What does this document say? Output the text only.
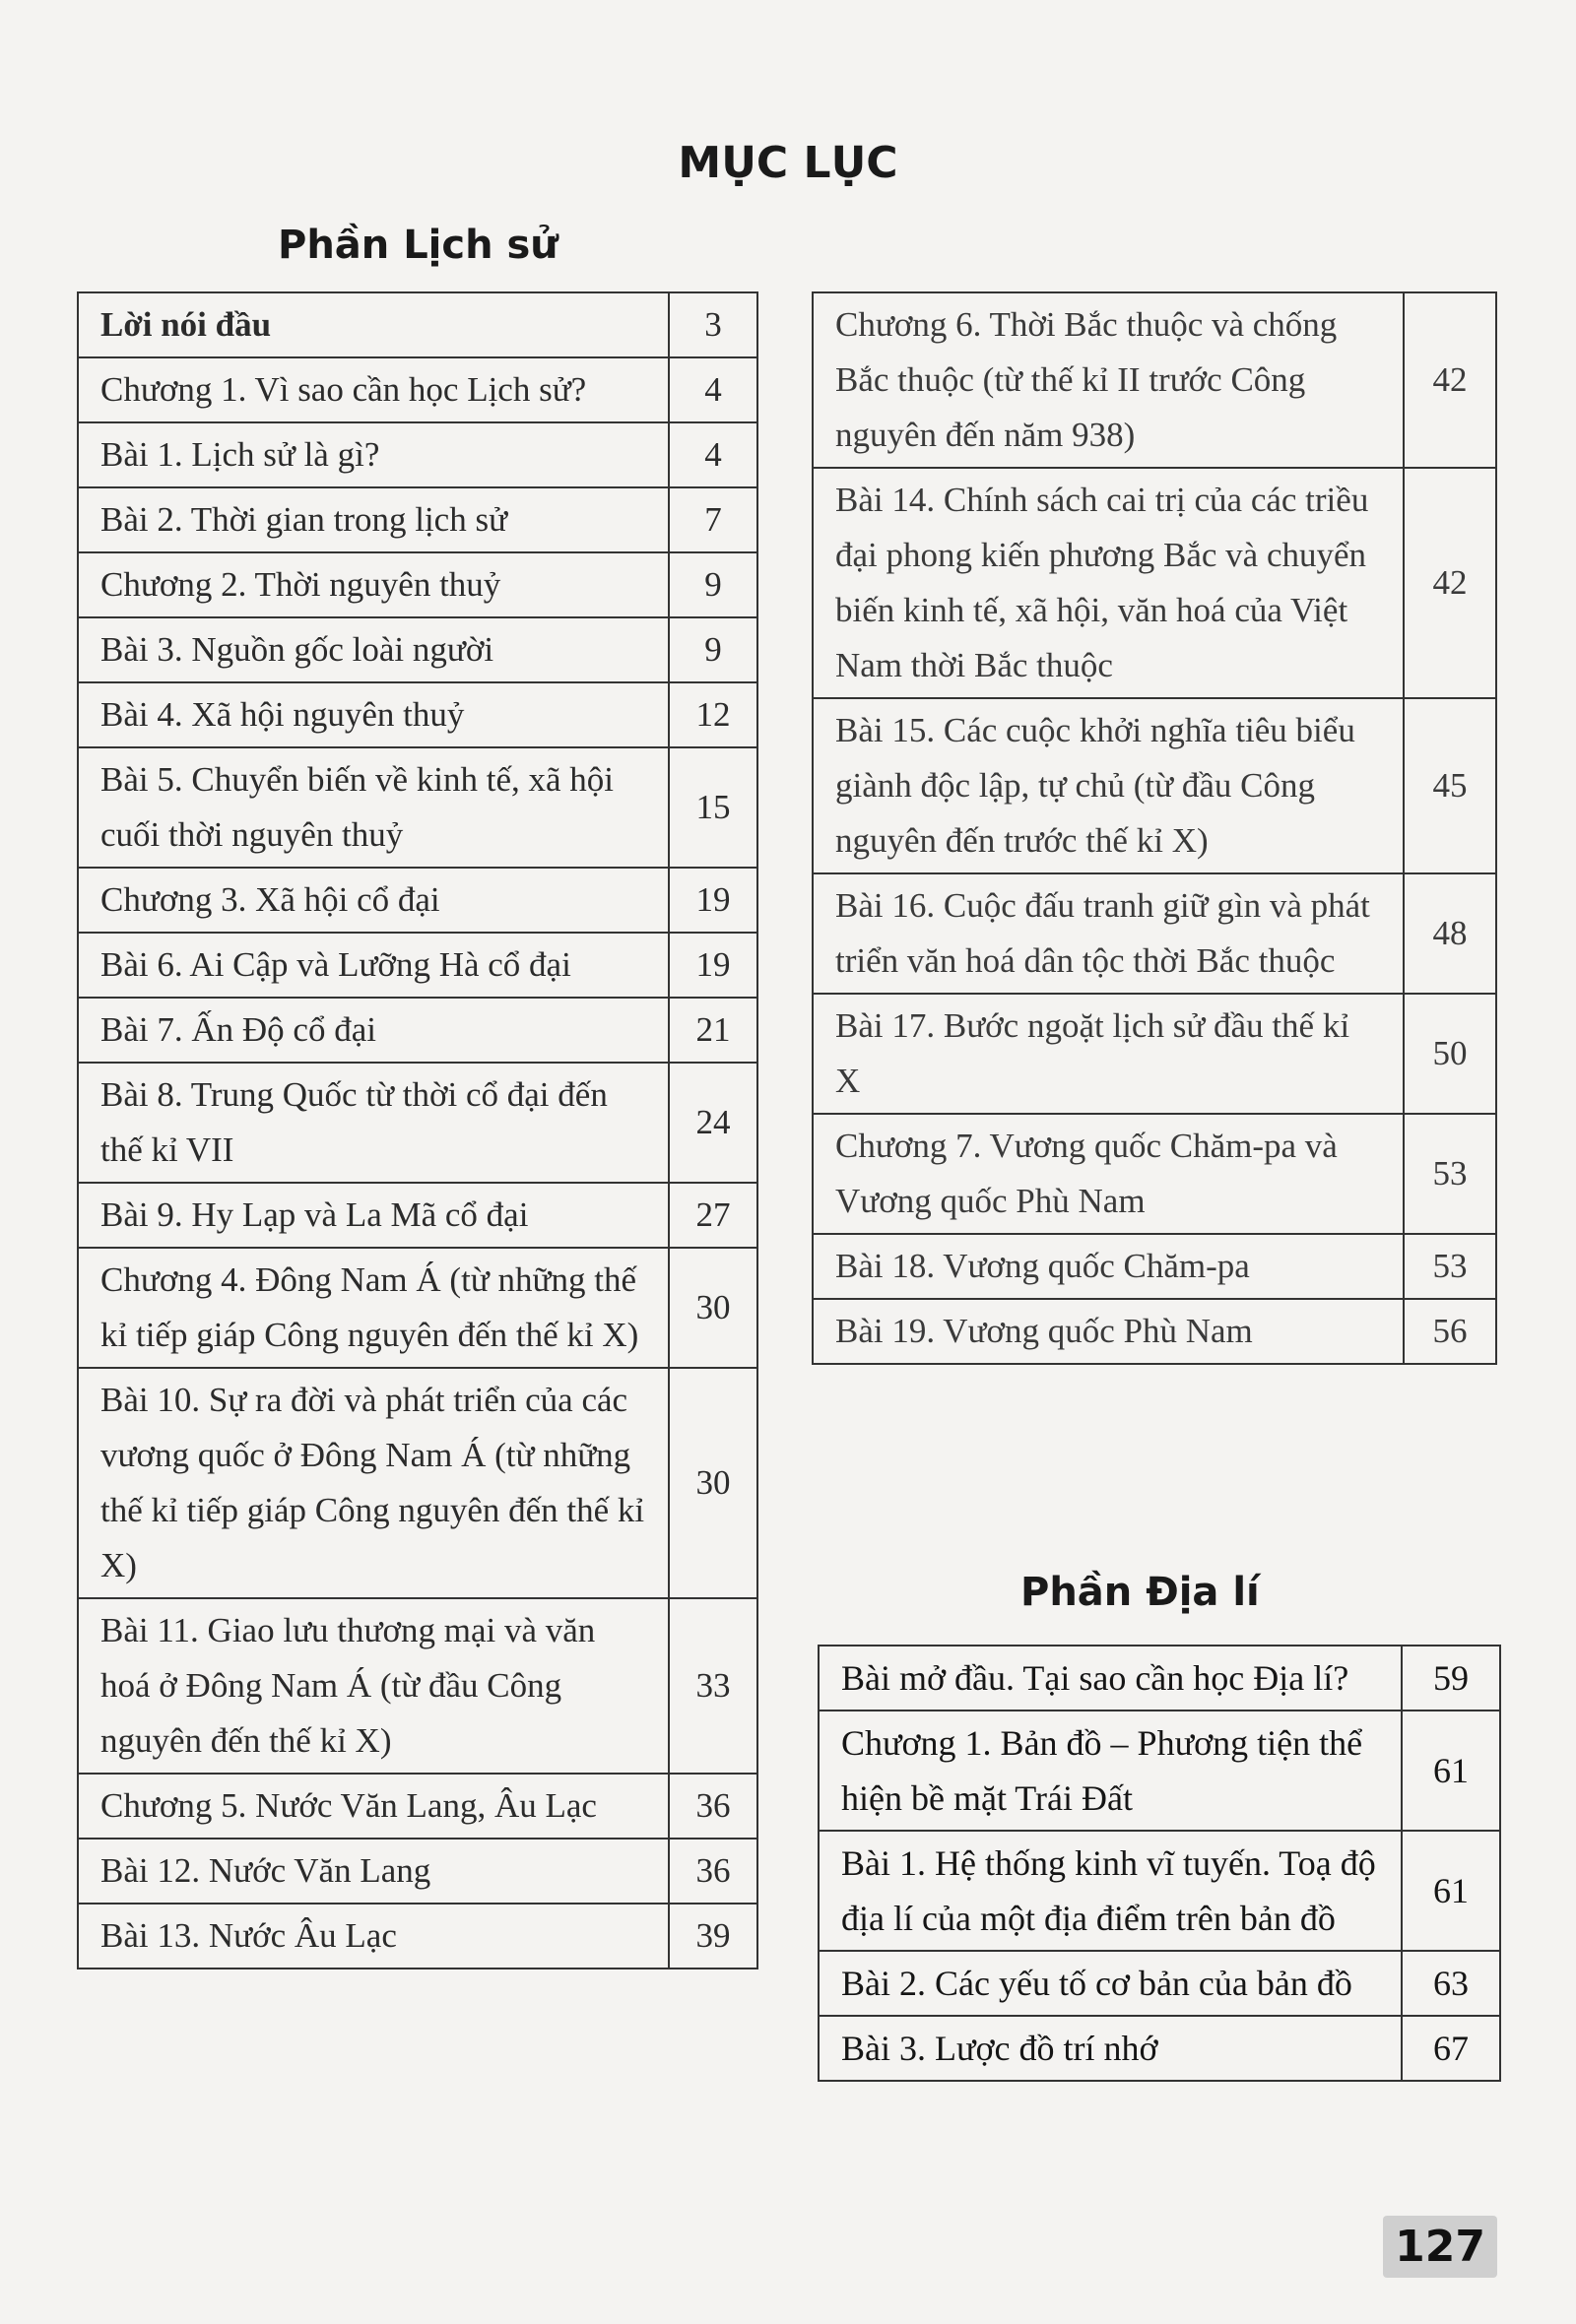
MỤC LỤC
Phần Lịch sử
Lời nói đầu	3
Chương 1. Vì sao cần học Lịch sử?	4
Bài 1. Lịch sử là gì?	4
Bài 2. Thời gian trong lịch sử	7
Chương 2. Thời nguyên thuỷ	9
Bài 3. Nguồn gốc loài người	9
Bài 4. Xã hội nguyên thuỷ	12
Bài 5. Chuyển biến về kinh tế, xã hội cuối thời nguyên thuỷ	15
Chương 3. Xã hội cổ đại	19
Bài 6. Ai Cập và Lưỡng Hà cổ đại	19
Bài 7. Ấn Độ cổ đại	21
Bài 8. Trung Quốc từ thời cổ đại đến thế kỉ VII	24
Bài 9. Hy Lạp và La Mã cổ đại	27
Chương 4. Đông Nam Á (từ những thế kỉ tiếp giáp Công nguyên đến thế kỉ X)	30
Bài 10. Sự ra đời và phát triển của các vương quốc ở Đông Nam Á (từ những thế kỉ tiếp giáp Công nguyên đến thế kỉ X)	30
Bài 11. Giao lưu thương mại và văn hoá ở Đông Nam Á (từ đầu Công nguyên đến thế kỉ X)	33
Chương 5. Nước Văn Lang, Âu Lạc	36
Bài 12. Nước Văn Lang	36
Bài 13. Nước Âu Lạc	39
Chương 6. Thời Bắc thuộc và chống Bắc thuộc (từ thế kỉ II trước Công nguyên đến năm 938)	42
Bài 14. Chính sách cai trị của các triều đại phong kiến phương Bắc và chuyển biến kinh tế, xã hội, văn hoá của Việt Nam thời Bắc thuộc	42
Bài 15. Các cuộc khởi nghĩa tiêu biểu giành độc lập, tự chủ (từ đầu Công nguyên đến trước thế kỉ X)	45
Bài 16. Cuộc đấu tranh giữ gìn và phát triển văn hoá dân tộc thời Bắc thuộc	48
Bài 17. Bước ngoặt lịch sử đầu thế kỉ X	50
Chương 7. Vương quốc Chăm-pa và Vương quốc Phù Nam	53
Bài 18. Vương quốc Chăm-pa	53
Bài 19. Vương quốc Phù Nam	56
Phần Địa lí
Bài mở đầu. Tại sao cần học Địa lí?	59
Chương 1. Bản đồ – Phương tiện thể hiện bề mặt Trái Đất	61
Bài 1. Hệ thống kinh vĩ tuyến. Toạ độ địa lí của một địa điểm trên bản đồ	61
Bài 2. Các yếu tố cơ bản của bản đồ	63
Bài 3. Lược đồ trí nhớ	67
127
